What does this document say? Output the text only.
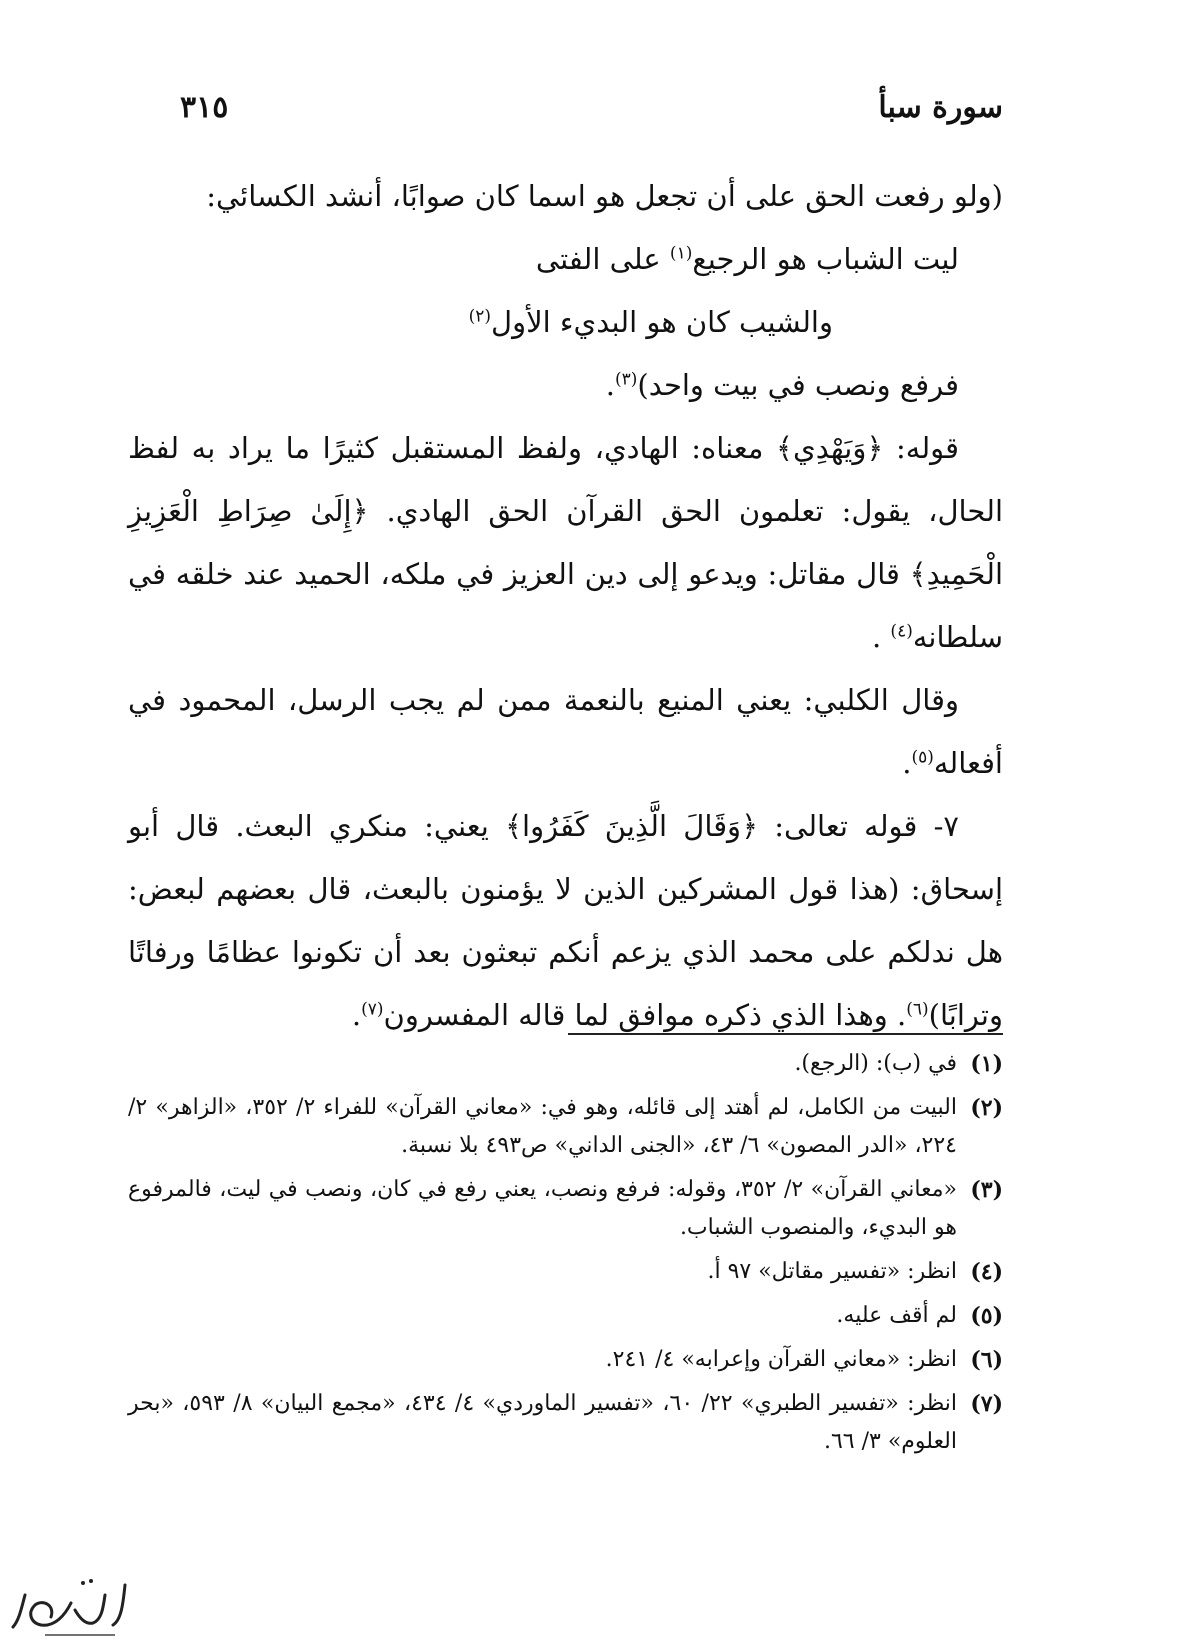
سورة سبأ
٣١٥

(ولو رفعت الحق على أن تجعل هو اسما كان صوابًا، أنشد الكسائي:

ليت الشباب هو الرجيع$^{(١)}$ على الفتى

والشيب كان هو البديء الأول$^{(٢)}$

فرفع ونصب في بيت واحد)$^{(٣)}$.

قوله: ﴿وَيَهْدِي﴾ معناه: الهادي، ولفظ المستقبل كثيرًا ما يراد به لفظ الحال، يقول: تعلمون الحق القرآن الحق الهادي. ﴿إِلَىٰ صِرَاطِ الْعَزِيزِ الْحَمِيدِ﴾ قال مقاتل: ويدعو إلى دين العزيز في ملكه، الحميد عند خلقه في سلطانه$^{(٤)}$ .

وقال الكلبي: يعني المنيع بالنعمة ممن لم يجب الرسل، المحمود في أفعاله$^{(٥)}$.

٧- قوله تعالى: ﴿وَقَالَ الَّذِينَ كَفَرُوا﴾ يعني: منكري البعث. قال أبو إسحاق: (هذا قول المشركين الذين لا يؤمنون بالبعث، قال بعضهم لبعض: هل ندلكم على محمد الذي يزعم أنكم تبعثون بعد أن تكونوا عظامًا ورفاتًا وترابًا)$^{(٦)}$. وهذا الذي ذكره موافق لما قاله المفسرون$^{(٧)}$.

(١)
في (ب): (الرجع).
(٢)
البيت من الكامل، لم أهتد إلى قائله، وهو في: «معاني القرآن» للفراء ٢/ ٣٥٢، «الزاهر» ٢/ ٢٢٤، «الدر المصون» ٦/ ٤٣، «الجنى الداني» ص٤٩٣ بلا نسبة.
(٣)
«معاني القرآن» ٢/ ٣٥٢، وقوله: فرفع ونصب، يعني رفع في كان، ونصب في ليت، فالمرفوع هو البديء، والمنصوب الشباب.
(٤)
انظر: «تفسير مقاتل» ٩٧ أ.
(٥)
لم أقف عليه.
(٦)
انظر: «معاني القرآن وإعرابه» ٤/ ٢٤١.
(٧)
انظر: «تفسير الطبري» ٢٢/ ٦٠، «تفسير الماوردي» ٤/ ٤٣٤، «مجمع البيان» ٨/ ٥٩٣، «بحر العلوم» ٣/ ٦٦.
